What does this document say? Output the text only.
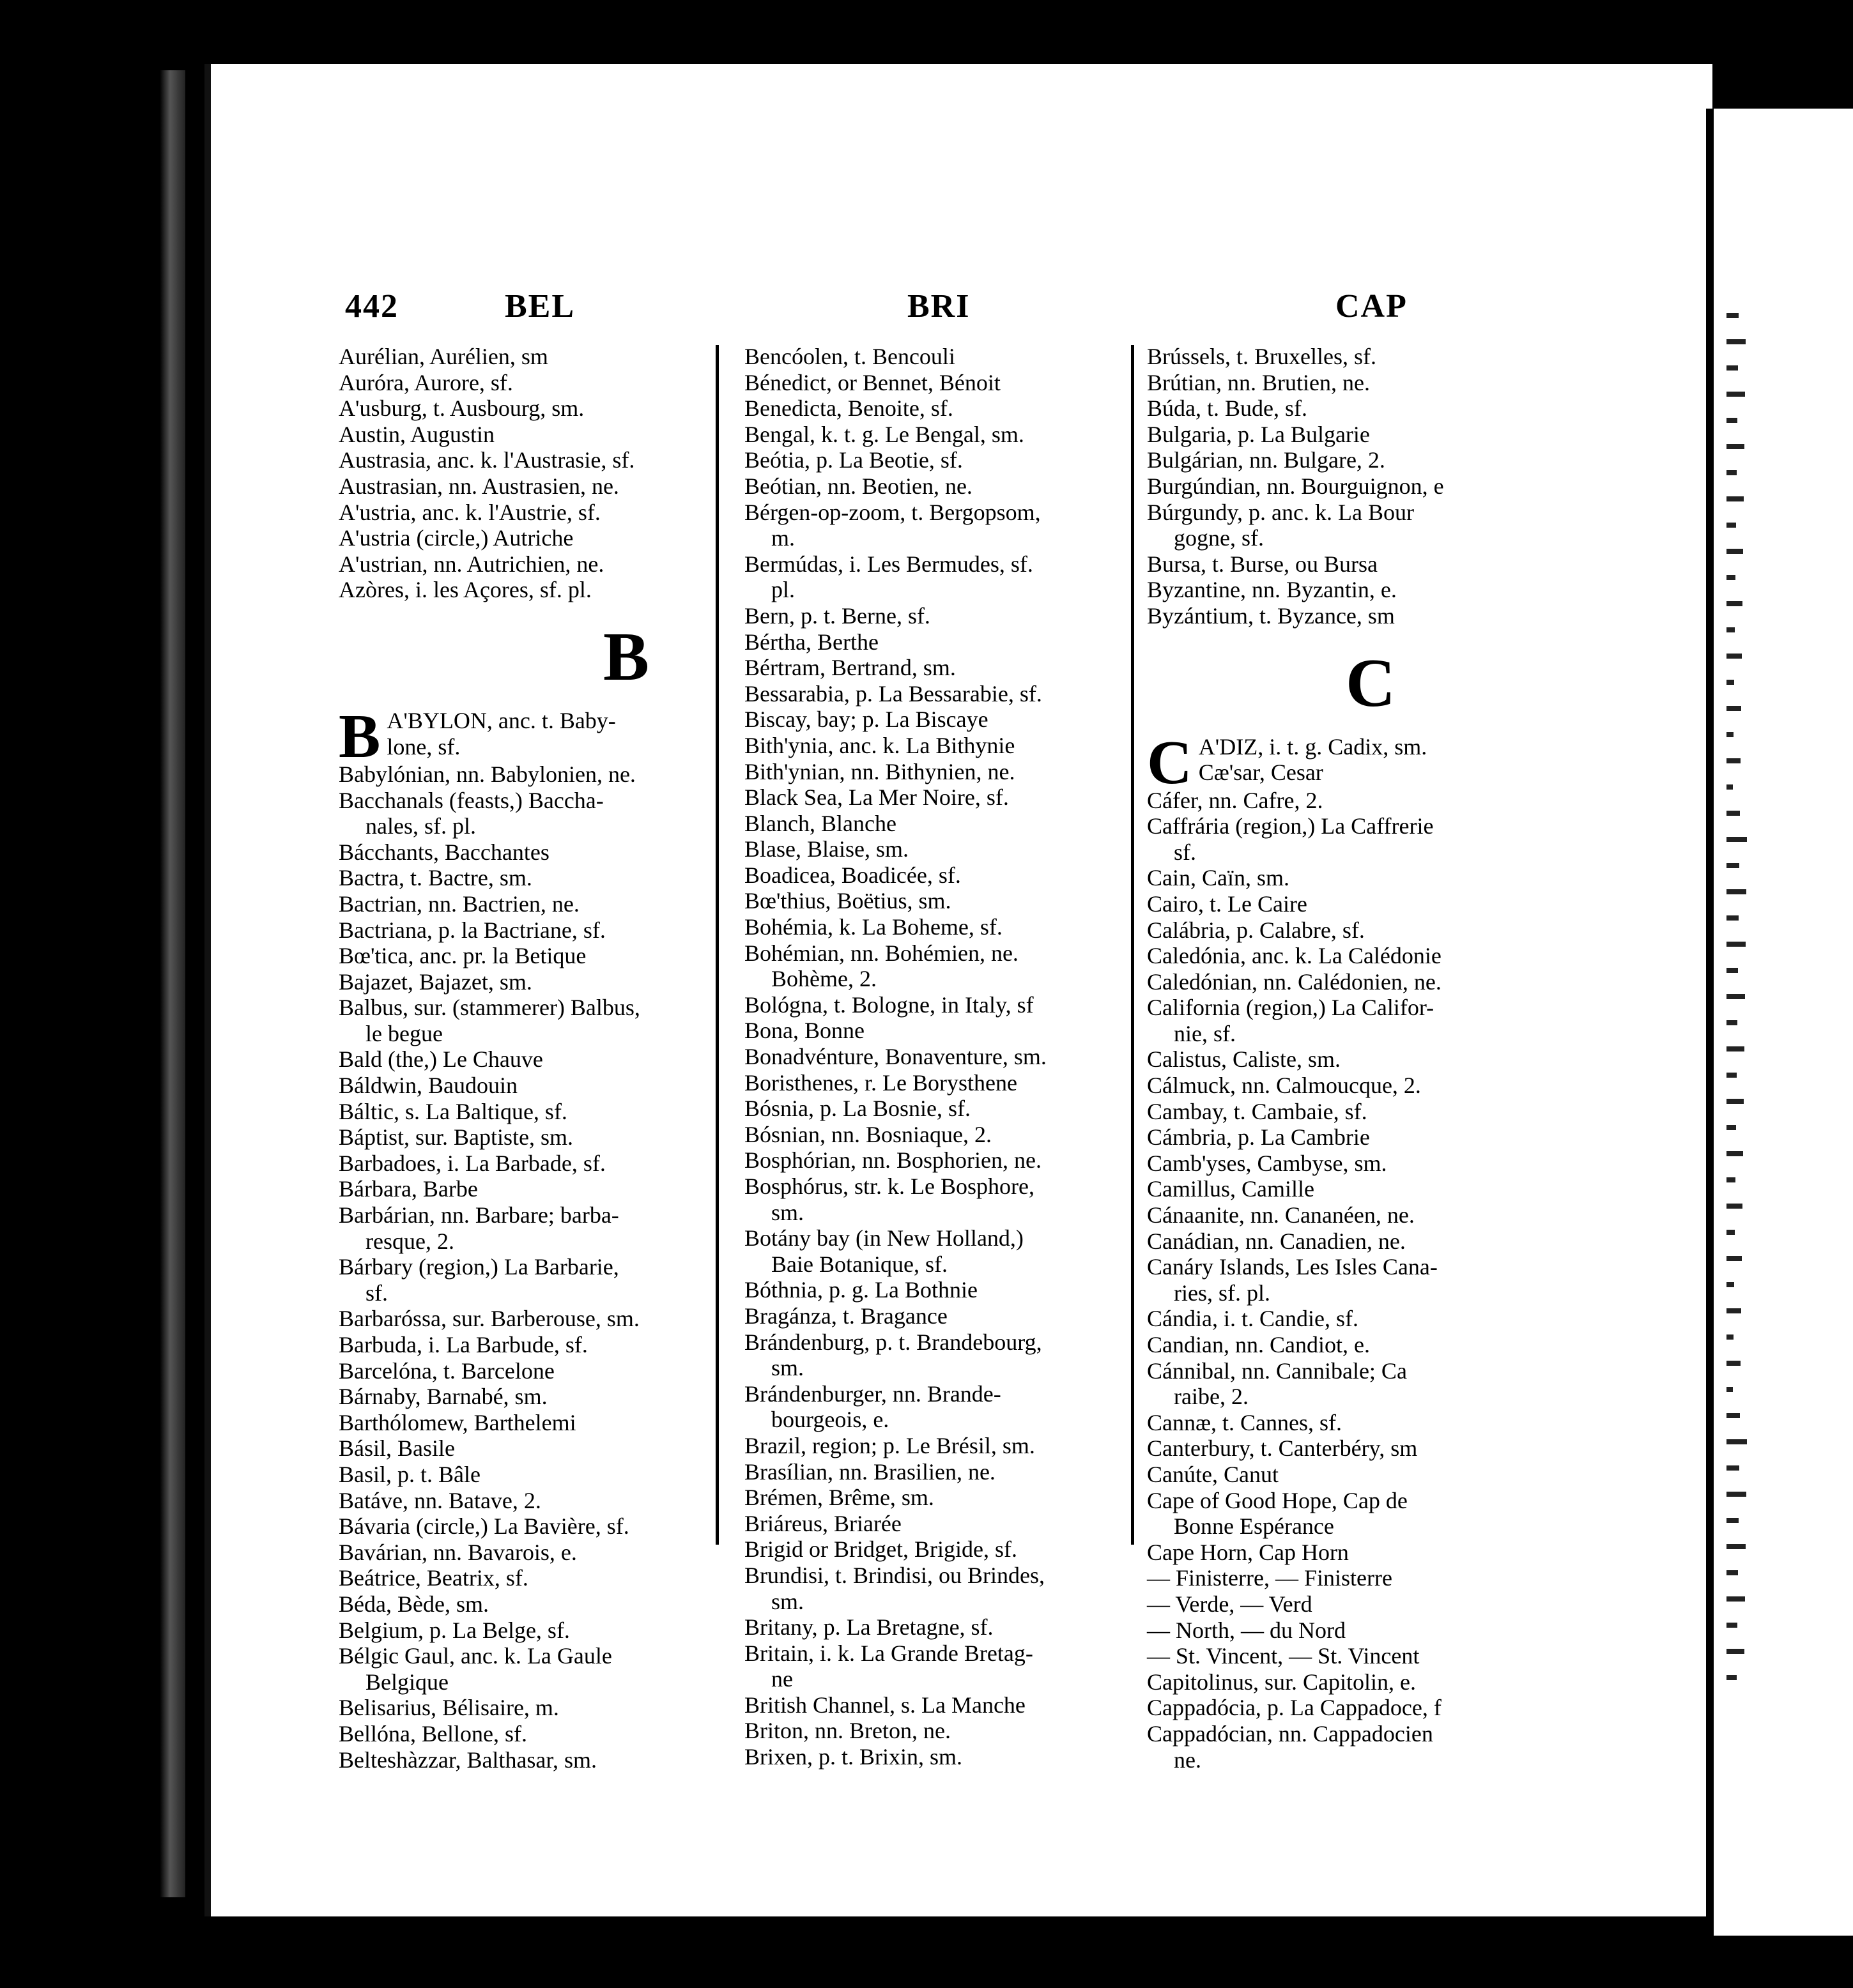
442	BEL	BRI	CAP
Aurélian, Aurélien, sm
Auróra, Aurore, sf.
A'usburg, t. Ausbourg, sm.
Austin, Augustin
Austrasia, anc. k. l'Austrasie, sf.
Austrasian, nn. Austrasien, ne.
A'ustria, anc. k. l'Austrie, sf.
A'ustria (circle,) Autriche
A'ustrian, nn. Autrichien, ne.
Azòres, i. les Açores, sf. pl.
B
B A'BYLON, anc. t. Baby-
lone, sf.
Babylónian, nn. Babylonien, ne.
Bacchanals (feasts,) Baccha-
nales, sf. pl.
Bácchants, Bacchantes
Bactra, t. Bactre, sm.
Bactrian, nn. Bactrien, ne.
Bactriana, p. la Bactriane, sf.
Bœ'tica, anc. pr. la Betique
Bajazet, Bajazet, sm.
Balbus, sur. (stammerer) Balbus,
le begue
Bald (the,) Le Chauve
Báldwin, Baudouin
Báltic, s. La Baltique, sf.
Báptist, sur. Baptiste, sm.
Barbadoes, i. La Barbade, sf.
Bárbara, Barbe
Barbárian, nn. Barbare; barba-
resque, 2.
Bárbary (region,) La Barbarie,
sf.
Barbaróssa, sur. Barberouse, sm.
Barbuda, i. La Barbude, sf.
Barcelóna, t. Barcelone
Bárnaby, Barnabé, sm.
Barthólomew, Barthelemi
Básil, Basile
Basil, p. t. Bâle
Batáve, nn. Batave, 2.
Bávaria (circle,) La Bavière, sf.
Bavárian, nn. Bavarois, e.
Beátrice, Beatrix, sf.
Béda, Bède, sm.
Belgium, p. La Belge, sf.
Bélgic Gaul, anc. k. La Gaule
Belgique
Belisarius, Bélisaire, m.
Bellóna, Bellone, sf.
Belteshàzzar, Balthasar, sm.
Bencóolen, t. Bencouli
Bénedict, or Bennet, Bénoit
Benedicta, Benoite, sf.
Bengal, k. t. g. Le Bengal, sm.
Beótia, p. La Beotie, sf.
Beótian, nn. Beotien, ne.
Bérgen-op-zoom, t. Bergopsom,
m.
Bermúdas, i. Les Bermudes, sf.
pl.
Bern, p. t. Berne, sf.
Bértha, Berthe
Bértram, Bertrand, sm.
Bessarabia, p. La Bessarabie, sf.
Biscay, bay; p. La Biscaye
Bith'ynia, anc. k. La Bithynie
Bith'ynian, nn. Bithynien, ne.
Black Sea, La Mer Noire, sf.
Blanch, Blanche
Blase, Blaise, sm.
Boadicea, Boadicée, sf.
Bœ'thius, Boëtius, sm.
Bohémia, k. La Boheme, sf.
Bohémian, nn. Bohémien, ne.
Bohème, 2.
Bológna, t. Bologne, in Italy, sf
Bona, Bonne
Bonadvénture, Bonaventure, sm.
Boristhenes, r. Le Borysthene
Bósnia, p. La Bosnie, sf.
Bósnian, nn. Bosniaque, 2.
Bosphórian, nn. Bosphorien, ne.
Bosphórus, str. k. Le Bosphore,
sm.
Botány bay (in New Holland,)
Baie Botanique, sf.
Bóthnia, p. g. La Bothnie
Bragánza, t. Bragance
Brándenburg, p. t. Brandebourg,
sm.
Brándenburger, nn. Brande-
bourgeois, e.
Brazil, region; p. Le Brésil, sm.
Brasílian, nn. Brasilien, ne.
Brémen, Brême, sm.
Briáreus, Briarée
Brigid or Bridget, Brigide, sf.
Brundisi, t. Brindisi, ou Brindes,
sm.
Britany, p. La Bretagne, sf.
Britain, i. k. La Grande Bretag-
ne
British Channel, s. La Manche
Briton, nn. Breton, ne.
Brixen, p. t. Brixin, sm.
Brússels, t. Bruxelles, sf.
Brútian, nn. Brutien, ne.
Búda, t. Bude, sf.
Bulgaria, p. La Bulgarie
Bulgárian, nn. Bulgare, 2.
Burgúndian, nn. Bourguignon, e
Búrgundy, p. anc. k. La Bour
gogne, sf.
Bursa, t. Burse, ou Bursa
Byzantine, nn. Byzantin, e.
Byzántium, t. Byzance, sm
C
C A'DIZ, i. t. g. Cadix, sm.
Cæ'sar, Cesar
Cáfer, nn. Cafre, 2.
Caffrária (region,) La Caffrerie
sf.
Cain, Caïn, sm.
Cairo, t. Le Caire
Calábria, p. Calabre, sf.
Caledónia, anc. k. La Calédonie
Caledónian, nn. Calédonien, ne.
California (region,) La Califor-
nie, sf.
Calistus, Caliste, sm.
Cálmuck, nn. Calmoucque, 2.
Cambay, t. Cambaie, sf.
Cámbria, p. La Cambrie
Camb'yses, Cambyse, sm.
Camillus, Camille
Cánaanite, nn. Cananéen, ne.
Canádian, nn. Canadien, ne.
Canáry Islands, Les Isles Cana-
ries, sf. pl.
Cándia, i. t. Candie, sf.
Candian, nn. Candiot, e.
Cánnibal, nn. Cannibale; Ca
raibe, 2.
Cannæ, t. Cannes, sf.
Canterbury, t. Canterbéry, sm
Canúte, Canut
Cape of Good Hope, Cap de
Bonne Espérance
Cape Horn, Cap Horn
— Finisterre, — Finisterre
— Verde, — Verd
— North, — du Nord
— St. Vincent, — St. Vincent
Capitolinus, sur. Capitolin, e.
Cappadócia, p. La Cappadoce, f
Cappadócian, nn. Cappadocien
ne.
